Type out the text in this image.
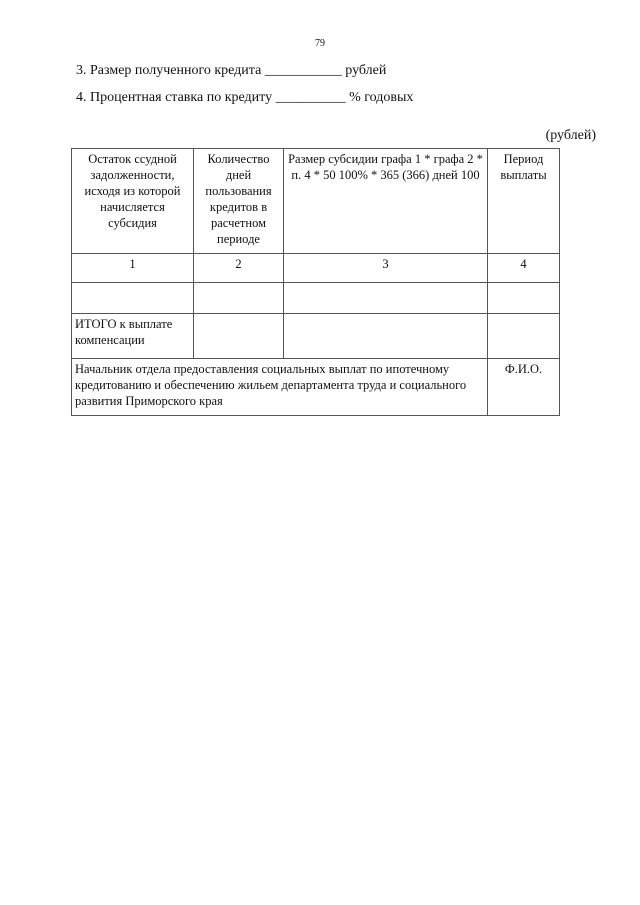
79
3. Размер полученного кредита ___________ рублей
4. Процентная ставка по кредиту __________ % годовых
(рублей)
Остаток ссудной задолженности, исходя из которой начисляется субсидия	Количество дней пользования кредитов в расчетном периоде	Размер субсидии графа 1 * графа 2 * п. 4 * 50 100% * 365 (366) дней 100	Период выплаты
1	2	3	4

ИТОГО к выплате компенсации			
Начальник отдела предоставления социальных выплат по ипотечному кредитованию и обеспечению жильем департамента труда и социального развития Приморского края			Ф.И.О.
